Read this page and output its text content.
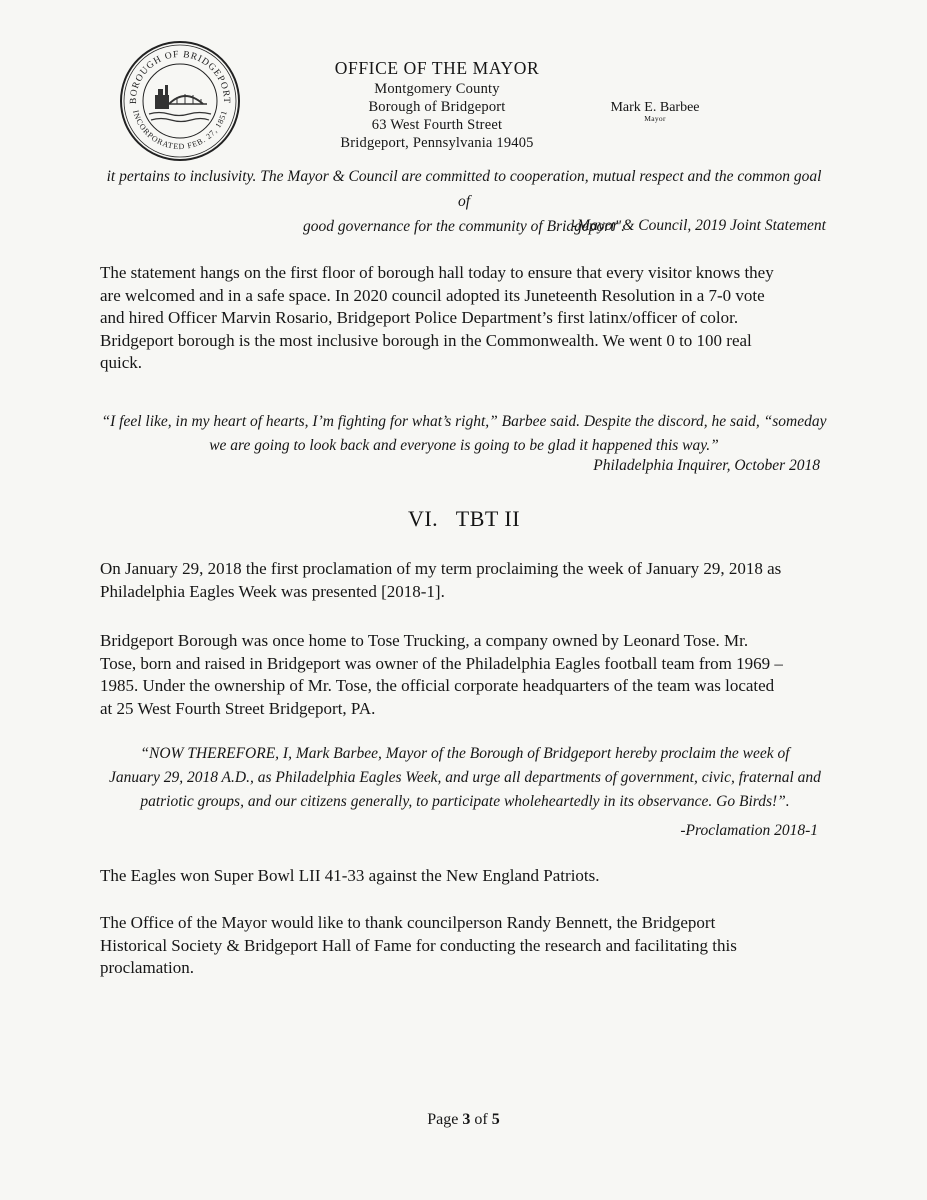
BOROUGH OF BRIDGEPORT
INCORPORATED FEB. 27, 1851
OFFICE OF THE MAYOR
Montgomery County
Borough of Bridgeport
63 West Fourth Street
Bridgeport, Pennsylvania 19405
Mark E. Barbee
Mayor
it pertains to inclusivity. The Mayor & Council are committed to cooperation, mutual respect and the common goal of
good governance for the community of Bridgeport".
-Mayor & Council, 2019 Joint Statement
The statement hangs on the first floor of borough hall today to ensure that every visitor knows they
are welcomed and in a safe space. In 2020 council adopted its Juneteenth Resolution in a 7-0 vote
and hired Officer Marvin Rosario, Bridgeport Police Department’s first latinx/officer of color.
Bridgeport borough is the most inclusive borough in the Commonwealth. We went 0 to 100 real
quick.
“I feel like, in my heart of hearts, I’m fighting for what’s right,” Barbee said. Despite the discord, he said, “someday
we are going to look back and everyone is going to be glad it happened this way.”
Philadelphia Inquirer, October 2018
VI.   TBT II
On January 29, 2018 the first proclamation of my term proclaiming the week of January 29, 2018 as
Philadelphia Eagles Week was presented [2018-1].
Bridgeport Borough was once home to Tose Trucking, a company owned by Leonard Tose. Mr.
Tose, born and raised in Bridgeport was owner of the Philadelphia Eagles football team from 1969 –
1985. Under the ownership of Mr. Tose, the official corporate headquarters of the team was located
at 25 West Fourth Street Bridgeport, PA.
“NOW THEREFORE, I, Mark Barbee, Mayor of the Borough of Bridgeport hereby proclaim the week of
January 29, 2018 A.D., as Philadelphia Eagles Week, and urge all departments of government, civic, fraternal and
patriotic groups, and our citizens generally, to participate wholeheartedly in its observance. Go Birds!”.
-Proclamation 2018-1
The Eagles won Super Bowl LII 41-33 against the New England Patriots.
The Office of the Mayor would like to thank councilperson Randy Bennett, the Bridgeport
Historical Society & Bridgeport Hall of Fame for conducting the research and facilitating this
proclamation.
Page 3 of 5
